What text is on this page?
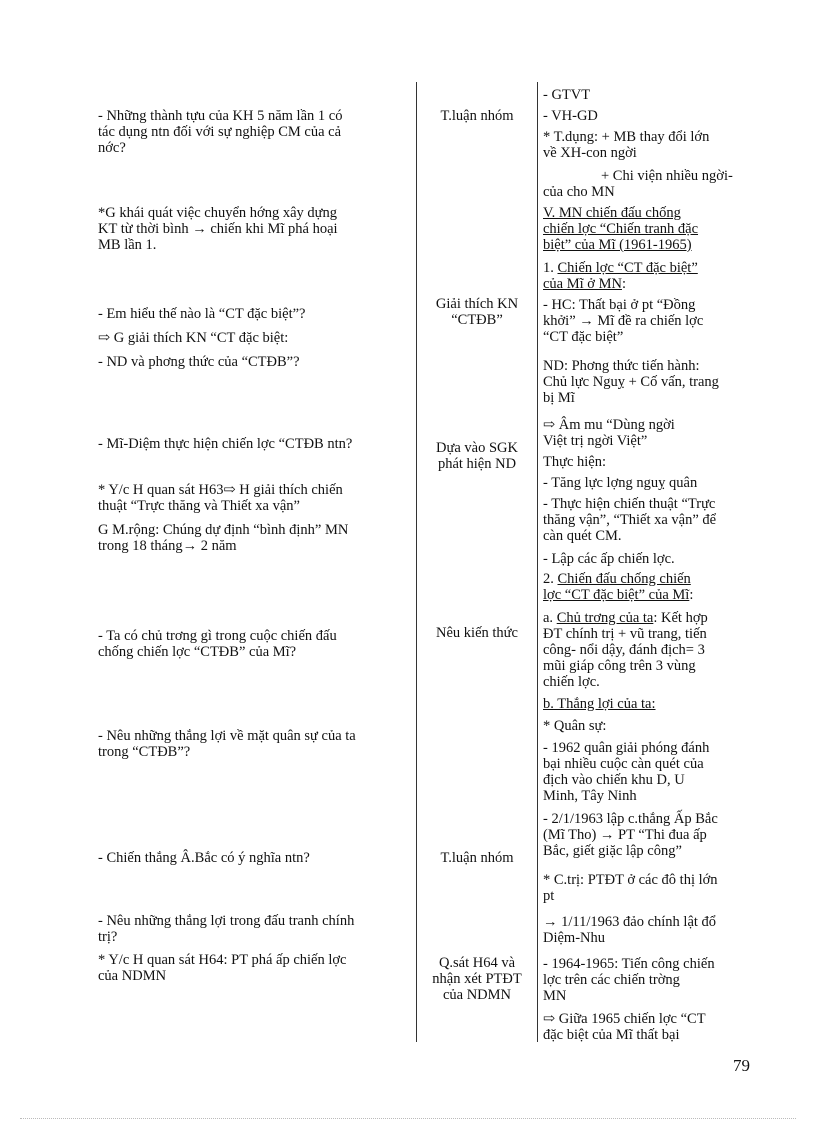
- Những thành tựu của KH 5 năm lần 1 có
tác dụng ntn đối với sự nghiệp CM của cả
nớc?
*G khái quát việc chuyển hớng xây dựng
KT từ thời bình → chiến khi Mĩ phá hoại
MB lần 1.
- Em hiểu thế nào là “CT đặc biệt”?
⇨ G giải thích KN “CT đặc biệt:
- ND và phơng thức của “CTĐB”?
- Mĩ-Diệm thực hiện chiến lợc “CTĐB ntn?
* Y/c H quan sát H63⇨ H giải thích chiến
thuật “Trực thăng và Thiết xa vận”
G M.rộng: Chúng dự định “bình định” MN
trong 18 tháng→ 2 năm
- Ta có chủ trơng gì trong cuộc chiến đấu
chống chiến lợc “CTĐB” của Mĩ?
- Nêu những thắng lợi về mặt quân sự của ta
trong “CTĐB”?
- Chiến thắng Â.Bắc có ý nghĩa ntn?
- Nêu những thắng lợi trong đấu tranh chính
trị?
* Y/c H quan sát H64: PT phá ấp chiến lợc
của NDMN
T.luận nhóm
Giải thích KN
“CTĐB”
Dựa vào SGK
phát hiện ND
Nêu kiến thức
T.luận nhóm
Q.sát H64 và
nhận xét PTĐT
của NDMN
- GTVT
- VH-GD
* T.dụng: + MB thay đổi lớn
về XH-con ngời
+ Chi viện nhiều ngời-
của cho MN
V. MN chiến đấu chống
chiến lợc “Chiến tranh đặc
biệt” của Mĩ (1961-1965)
1. Chiến lợc “CT đặc biệt”
của Mĩ ở MN:
- HC: Thất bại ở pt “Đồng
khởi” → Mĩ đề ra chiến lợc
“CT đặc biệt”
ND: Phơng thức tiến hành:
Chủ lực Nguỵ + Cố vấn, trang
bị Mĩ
⇨ Âm mu “Dùng ngời
Việt trị ngời Việt”
Thực hiện:
- Tăng lực lợng nguỵ quân
- Thực hiện chiến thuật “Trực
thăng vận”, “Thiết xa vận” để
càn quét CM.
- Lập các ấp chiến lợc.
2. Chiến đấu chống chiến
lợc “CT đặc biệt” của Mĩ:
a. Chủ trơng của ta: Kết hợp
ĐT chính trị + vũ trang, tiến
công- nổi dậy, đánh địch= 3
mũi giáp công trên 3 vùng
chiến lợc.
b. Thắng lợi của ta:
* Quân sự:
- 1962 quân giải phóng đánh
bại nhiều cuộc càn quét của
địch vào chiến khu D, U
Minh, Tây Ninh
- 2/1/1963 lập c.thắng Ấp Bắc
(Mĩ Tho) → PT “Thi đua ấp
Bắc, giết giặc lập công”
* C.trị: PTĐT ở các đô thị lớn
pt
→ 1/11/1963 đảo chính lật đổ
Diệm-Nhu
- 1964-1965: Tiến công chiến
lợc trên các chiến trờng
MN
⇨ Giữa 1965 chiến lợc “CT
đặc biệt của Mĩ thất bại
79
